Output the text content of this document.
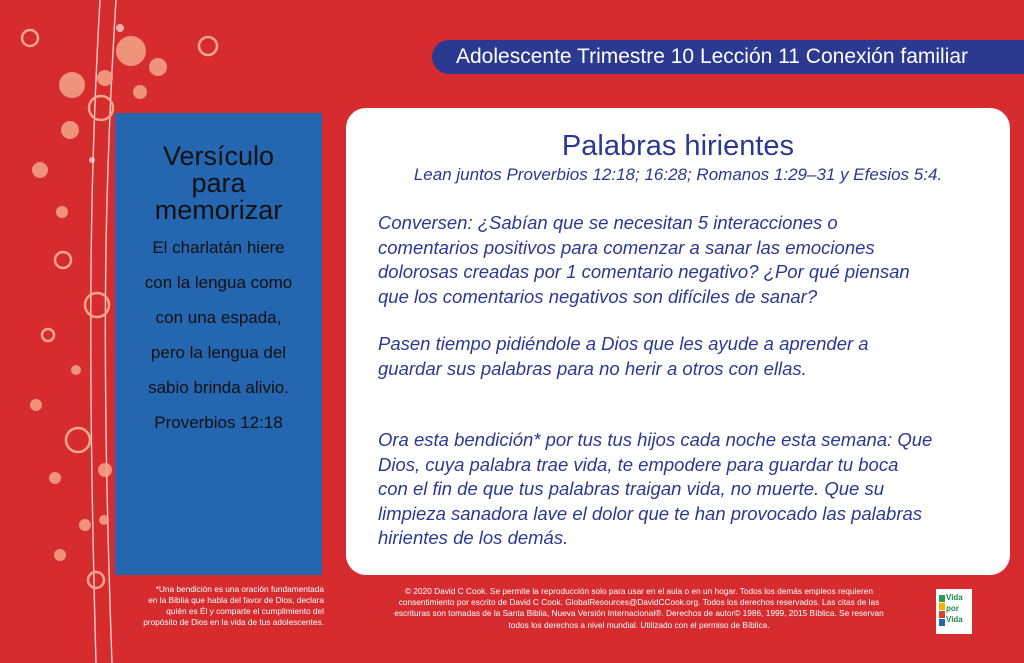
Adolescente Trimestre 10 Lección 11 Conexión familiar
Versículo
para
memorizar
El charlatán hiere
con la lengua como
con una espada,
pero la lengua del
sabio brinda alivio.
Proverbios 12:18
Palabras hirientes
Lean juntos Proverbios 12:18; 16:28; Romanos 1:29–31 y Efesios 5:4.
Conversen: ¿Sabían que se necesitan 5 interacciones o
comentarios positivos para comenzar a sanar las emociones
dolorosas creadas por 1 comentario negativo? ¿Por qué piensan
que los comentarios negativos son difíciles de sanar?
Pasen tiempo pidiéndole a Dios que les ayude a aprender a
guardar sus palabras para no herir a otros con ellas.
Ora esta bendición* por tus tus hijos cada noche esta semana: Que
Dios, cuya palabra trae vida, te empodere para guardar tu boca
con el fin de que tus palabras traigan vida, no muerte. Que su
limpieza sanadora lave el dolor que te han provocado las palabras
hirientes de los demás.
*Una bendición es una oración fundamentada
en la Biblia que habla del favor de Dios, declara
quién es Él y comparte el cumplimiento del
propósito de Dios en la vida de tus adolescentes.
© 2020 David C Cook. Se permite la reproducción solo para usar en el aula o en un hogar. Todos los demás empleos requieren
consentimiento por escrito de David C Cook. GlobalResources@DavidCCook.org. Todos los derechos reservados. Las citas de las
escrituras son tomadas de la Santa Biblia, Nueva Versión Internacional®. Derechos de autor© 1986, 1999, 2015 Bíblica. Se reservan
todos los derechos a nivel mundial. Utilizado con el permiso de Bíblica.
Vida
por
Vida
